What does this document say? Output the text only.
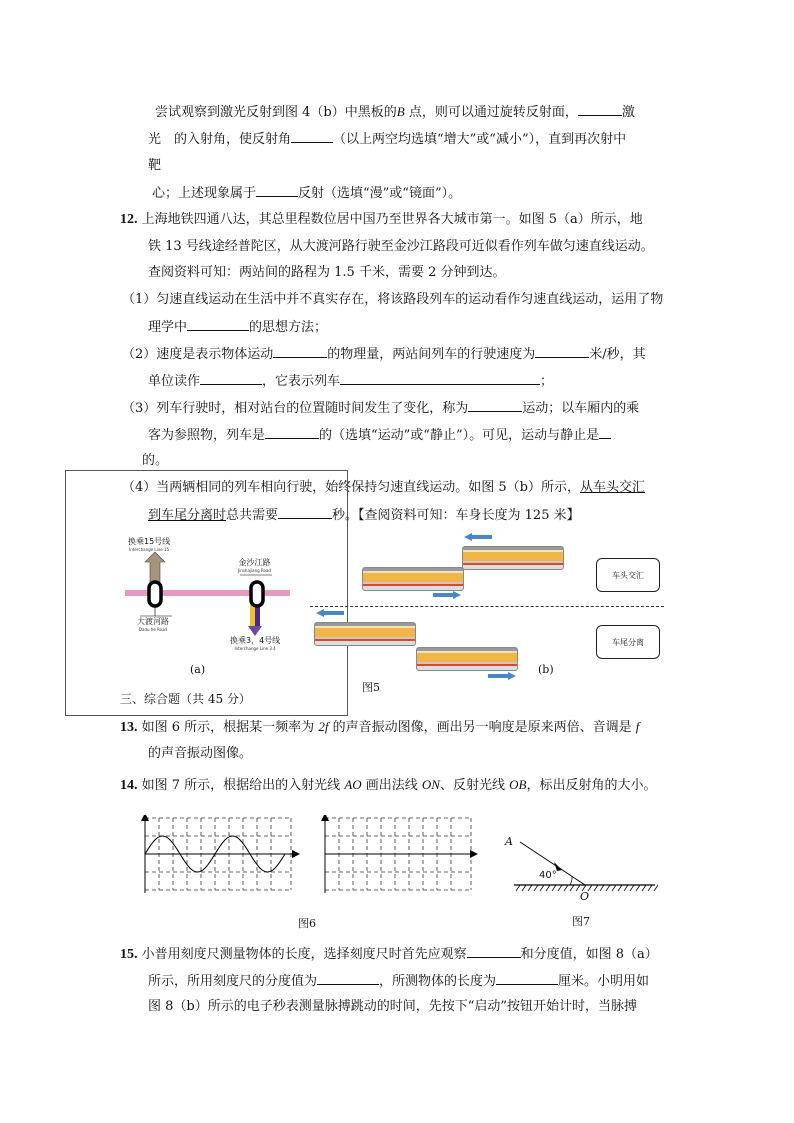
尝试观察到激光反射到图 4（b）中黑板的B 点，则可以通过旋转反射面，	激
光　的入射角，使反射角	（以上两空均选填“增大”或“减小”），直到再次射中
靶
心；上述现象属于	反射（选填“漫”或“镜面”）。
12. 上海地铁四通八达，其总里程数位居中国乃至世界各大城市第一。如图 5（a）所示，地
铁 13 号线途经普陀区，从大渡河路行驶至金沙江路段可近似看作列车做匀速直线运动。
查阅资料可知：两站间的路程为 1.5 千米，需要 2 分钟到达。
（1）匀速直线运动在生活中并不真实存在，将该路段列车的运动看作匀速直线运动，运用了物
理学中	的思想方法；
（2）速度是表示物体运动	的物理量，两站间列车的行驶速度为	米/秒，其
单位读作	，它表示列车	；
（3）列车行驶时，相对站台的位置随时间发生了变化，称为	运动；以车厢内的乘
客为参照物，列车是	的（选填“运动”或“静止”）。可见，运动与静止是
的。
（4）当两辆相同的列车相向行驶，始终保持匀速直线运动。如图 5（b）所示，从车头交汇
到车尾分离时总共需要	秒。【查阅资料可知：车身长度为 125 米】
换乘15号线
Interchange Line 15
大渡河路
Dadu he Road
金沙江路
Jinshajiang Road
换乘3，4号线
Interchange Line 3.4
(a)
三、综合题（共 45 分）
车头交汇
车尾分离
(b)
图5
13. 如图 6 所示，根据某一频率为 2f 的声音振动图像，画出另一响度是原来两倍、音调是 f
的声音振动图像。
14. 如图 7 所示，根据给出的入射光线 AO 画出法线 ON、反射光线 OB，标出反射角的大小。
图6
A
O
40°
图7
15. 小普用刻度尺测量物体的长度，选择刻度尺时首先应观察	和分度值，如图 8（a）
所示，所用刻度尺的分度值为	，所测物体的长度为	厘米。小明用如
图 8（b）所示的电子秒表测量脉搏跳动的时间，先按下“启动”按钮开始计时，当脉搏
